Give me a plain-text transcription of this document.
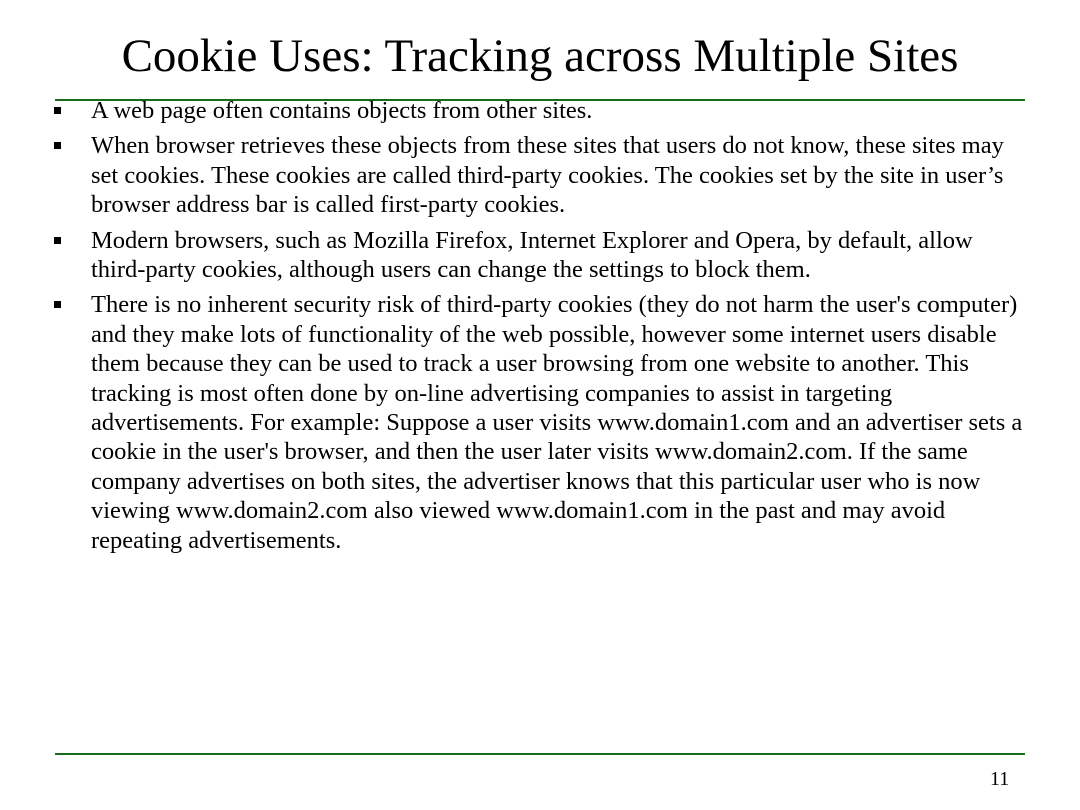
Cookie Uses: Tracking across Multiple Sites
A web page often contains objects from other sites.
When browser retrieves these objects from these sites that users do not know, these sites may set cookies. These cookies are called third-party cookies. The cookies set by the site in user’s browser address bar is called first-party cookies.
Modern browsers, such as Mozilla Firefox, Internet Explorer and Opera, by default, allow third-party cookies, although users can change the settings to block them.
There is no inherent security risk of third-party cookies (they do not harm the user's computer) and they make lots of functionality of the web possible, however some internet users disable them because they can be used to track a user browsing from one website to another. This tracking is most often done by on-line advertising companies to assist in targeting advertisements. For example: Suppose a user visits www.domain1.com and an advertiser sets a cookie in the user's browser, and then the user later visits www.domain2.com. If the same company advertises on both sites, the advertiser knows that this particular user who is now viewing www.domain2.com also viewed www.domain1.com in the past and may avoid repeating advertisements.
11
